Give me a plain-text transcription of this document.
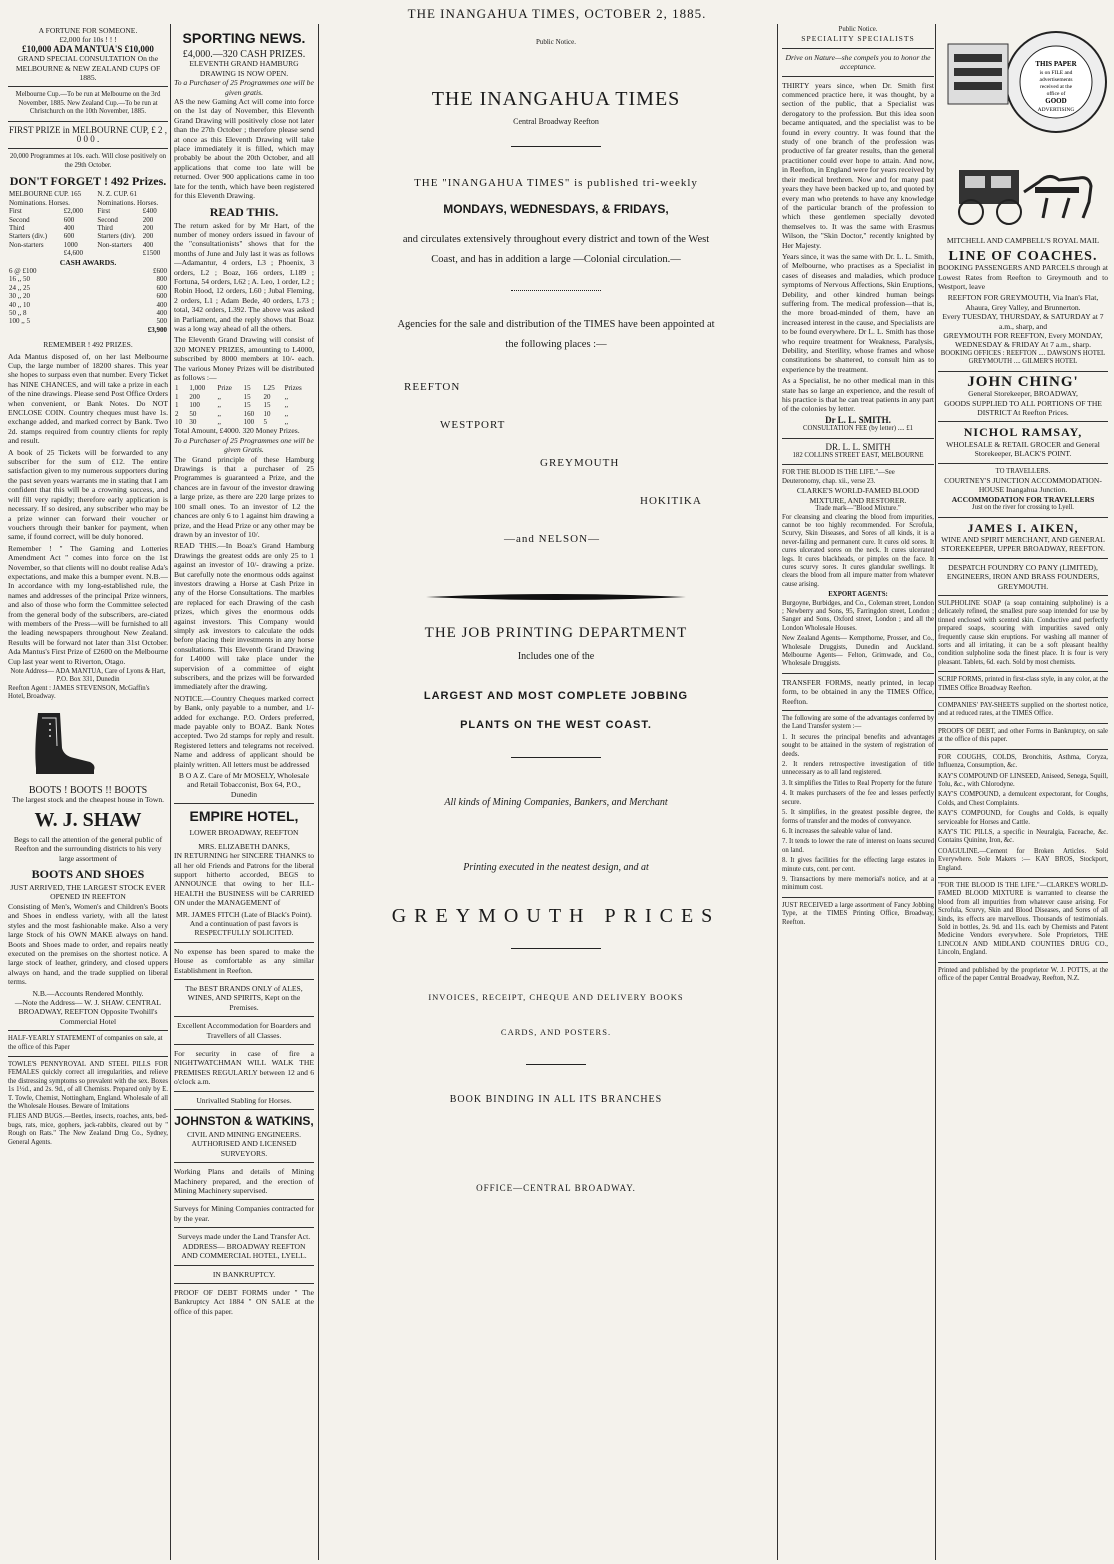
THE INANGAHUA TIMES, OCTOBER 2, 1885.
A FORTUNE FOR SOMEONE.
£2,000 for 10s ! ! !
£10,000 ADA MANTUA'S £10,000
GRAND SPECIAL CONSULTATION On the MELBOURNE & NEW ZEALAND CUPS OF 1885.
Melbourne Cup.—To be run at Melbourne on the 3rd November, 1885. New Zealand Cup.—To be run at Christchurch on the 10th November, 1885.
FIRST PRIZE in MELBOURNE CUP, £ 2 , 0 0 0 .
20,000 Programmes at 10s. each. Will close positively on the 29th October.
DON'T FORGET ! 492 Prizes.
MELBOURNE CUP. 165 Nominations. Horses.		N. Z. CUP. 61 Nominations. Horses.	
First	£2,000	First	£400
Second	600	Second	200
Third	400	Third	200
Starters (div.)	600	Starters (div).	200
Non-starters	1000	Non-starters	400
	£4,600		£1500
CASH AWARDS.
6 @ £100	£600
16 ,, 50	800
24 ,, 25	600
30 ,, 20	600
40 ,, 10	400
50 ,, 8	400
100 ,, 5	500
	£3,900
REMEMBER ! 492 PRIZES.

Ada Mantus disposed of, on her last Melbourne Cup, the large number of 18200 shares. This year she hopes to surpass even that number. Every Ticket has NINE CHANCES, and will take a prize in each of the nine drawings. Please send Post Office Orders when convenient, or Bank Notes. Do NOT ENCLOSE COIN. Country cheques must have 1s. exchange added, and marked correct by Bank. Two 2d. stamps required from country clients for reply and result.

A book of 25 Tickets will be forwarded to any subscriber for the sum of £12. The entire satisfaction given to my numerous supporters during the past seven years warrants me in stating that I am confident that this will be a crowning success, and will fill very rapidly; therefore early application is necessary. If so desired, any subscriber who may be a prize winner can forward their voucher or vouchers through their banker for payment, when same, if found correct, will be duly honored.

Remember ! " The Gaming and Lotteries Amendment Act " comes into force on the 1st November, so that clients will no doubt realise Ada's expectations, and make this a bumper event. N.B.—In accordance with my long-established rule, the names and addresses of the principal Prize winners, and also of those who form the Committee selected from the general body of the subscribers, are-ciated with members of the Press—will be furnished to all the leading newspapers throughout New Zealand. Results will be forward not later than 31st October. Ada Mantus's First Prize of £2600 on the Melbourne Cup last year went to Riverton, Otago.

Note Address— ADA MANTUA, Care of Lyons & Hart, P.O. Box 331, Dunedin
Reefton Agent : JAMES STEVENSON, McGaffin's Hotel, Broadway.
BOOTS ! BOOTS !! BOOTS
The largest stock and the cheapest house in Town.
W. J. SHAW
Begs to call the attention of the general public of Reefton and the surrounding districts to his very large assortment of
BOOTS AND SHOES
JUST ARRIVED, THE LARGEST STOCK EVER OPENED IN REEFTON

Consisting of Men's, Women's and Children's Boots and Shoes in endless variety, with all the latest styles and the most fashionable make. Also a very large Stock of his OWN MAKE always on hand. Boots and Shoes made to order, and repairs neatly executed on the premises on the shortest notice. A large stock of leather, grindery, and closed uppers always on hand, and the trade supplied on liberal terms.

N.B.—Accounts Rendered Monthly.
—Note the Address— W. J. SHAW. CENTRAL BROADWAY, REEFTON Opposite Twohill's Commercial Hotel
HALF-YEARLY STATEMENT of companies on sale, at the office of this Paper

TOWLE'S PENNYROYAL AND STEEL PILLS FOR FEMALES quickly correct all irregularities, and relieve the distressing symptoms so prevalent with the sex. Boxes 1s 1½d., and 2s. 9d., of all Chemists. Prepared only by E. T. Towle, Chemist, Nottingham, England. Wholesale of all the Wholesale Houses. Beware of Imitations

FLIES AND BUGS.—Beetles, insects, roaches, ants, bed-bugs, rats, mice, gophers, jack-rabbits, cleared out by " Rough on Rats." The New Zealand Drug Co., Sydney, General Agents.

SPORTING NEWS.
£4,000.—320 CASH PRIZES.
ELEVENTH GRAND HAMBURG DRAWING IS NOW OPEN.
To a Purchaser of 25 Programmes one will be given gratis.

AS the new Gaming Act will come into force on the 1st day of November, this Eleventh Grand Drawing will positively close not later than the 27th October ; therefore please send at once as this Eleventh Drawing will take place immediately it is filled, which may probably be about the 20th October, and all applications that come too late will be returned. Over 900 applications came in too late for the tenth, which have been registered for this Eleventh Drawing.

READ THIS.

The return asked for by Mr Hart, of the number of money orders issued in favour of the "consultationists" shows that for the months of June and July last it was as follows—Adamantur, 4 orders, L3 ; Phoenix, 3 orders, L2 ; Boaz, 166 orders, L189 ; Fortuna, 54 orders, L62 ; A. Leo, 1 order, L2 ; Robin Hood, 12 orders, L60 ; Jubal Fleming, 2 orders, L1 ; Adam Bede, 40 orders, L73 ; total, 342 orders, L392. The above was asked in Parliament, and the reply shows that Boaz was a long way ahead of all the others.

The Eleventh Grand Drawing will consist of 320 MONEY PRIZES, amounting to L4000, subscribed by 8000 members at 10/- each. The various Money Prizes will be distributed as follows :—

1	1,000	Prize	15	L25	Prizes
1	200	,,	15	20	,,
1	100	,,	15	15	,,
2	50	,,	160	10	,,
10	30	,,	100	5	,,
Total Amount, £4000. 320 Money Prizes.
To a Purchaser of 25 Programmes one will be given Gratis.

The Grand principle of these Hamburg Drawings is that a purchaser of 25 Programmes is guaranteed a Prize, and the chances are in favour of the investor drawing a large prize, as there are 220 large prizes to 100 small ones. To an investor of L2 the chances are only 6 to 1 against him drawing a prize, and the Head Prize or any other may be drawn by an investor of 10/.

READ THIS.—In Boaz's Grand Hamburg Drawings the greatest odds are only 25 to 1 against an investor of 10/- drawing a prize. But carefully note the enormous odds against investors drawing a Horse at Cash Prize in any of the Horse Consultations. The marbles are replaced for each Drawing of the cash prizes, which gives the enormous odds against investors. This Company would simply ask investors to calculate the odds before placing their investments in any horse consultations. This Eleventh Grand Drawing for L4000 will take place under the supervision of a committee of eight subscribers, and the prizes will be forwarded immediately after the drawing.

NOTICE.—Country Cheques marked correct by Bank, only payable to a number, and 1/- added for exchange. P.O. Orders preferred, made payable only to BOAZ. Bank Notes accepted. Two 2d stamps for reply and result. Registered letters and telegrams not received. Name and address of applicant should be plainly written. All letters must be addressed

B O A Z. Care of Mr MOSELY, Wholesale and Retail Tobacconist, Box 64, P.O., Dunedin
EMPIRE HOTEL,
LOWER BROADWAY, REEFTON
MRS. ELIZABETH DANKS,

IN RETURNING her SINCERE THANKS to all her old Friends and Patrons for the liberal support hitherto accorded, BEGS to ANNOUNCE that owing to her ILL-HEALTH the BUSINESS will be CARRIED ON under the MANAGEMENT of

MR. JAMES FITCH (Late of Black's Point).
And a continuation of past favors is RESPECTFULLY SOLICITED.

No expense has been spared to make the House as comfortable as any similar Establishment in Reefton.

The BEST BRANDS ONLY of ALES, WINES, AND SPIRITS, Kept on the Premises.
Excellent Accommodation for Boarders and Travellers of all Classes.

For security in case of fire a NIGHTWATCHMAN WILL WALK THE PREMISES REGULARLY between 12 and 6 o'clock a.m.

Unrivalled Stabling for Horses.
JOHNSTON & WATKINS,
CIVIL AND MINING ENGINEERS.
AUTHORISED AND LICENSED SURVEYORS.

Working Plans and details of Mining Machinery prepared, and the erection of Mining Machinery supervised.

Surveys for Mining Companies contracted for by the year.

Surveys made under the Land Transfer Act.
ADDRESS— BROADWAY REEFTON AND COMMERCIAL HOTEL, LYELL.
IN BANKRUPTCY.

PROOF OF DEBT FORMS under " The Bankruptcy Act 1884 " ON SALE at the office of this paper.

Public Notice.
THE INANGAHUA TIMES
Central Broadway Reefton
THE "INANGAHUA TIMES" is published tri-weekly
MONDAYS, WEDNESDAYS, & FRIDAYS,
and circulates extensively throughout every district and town of the West Coast, and has in addition a large —Colonial circulation.—
Agencies for the sale and distribution of the TIMES have been appointed at the following places :—
REEFTON
WESTPORT
GREYMOUTH
HOKITIKA
—and NELSON—
THE JOB PRINTING DEPARTMENT
Includes one of the
LARGEST AND MOST COMPLETE JOBBING
PLANTS ON THE WEST COAST.
All kinds of Mining Companies, Bankers, and Merchant
Printing executed in the neatest design, and at
GREYMOUTH PRICES
INVOICES, RECEIPT, CHEQUE AND DELIVERY BOOKS
CARDS, AND POSTERS.
BOOK BINDING IN ALL ITS BRANCHES
OFFICE—CENTRAL BROADWAY.
Public Notice.
SPECIALITY SPECIALISTS
Drive on Nature—she compels you to honor the acceptance.

THIRTY years since, when Dr. Smith first commenced practice here, it was thought, by a section of the public, that a Specialist was derogatory to the profession. But this idea soon became antiquated, and the specialist was to be found in every country. It was found that the study of one branch of the profession was productive of far greater results, than the general practitioner could ever hope to attain. And now, in Reefton, in England were for years received by their medical brethren. Now and for many past years they have been backed up to, and quoted by every man who pretends to have any knowledge of the particular branch of the profession to which these gentlemen specially devoted themselves to. It was the same with Erasmus Wilson, the "Skin Doctor," recently knighted by Her Majesty.

Years since, it was the same with Dr. L. L. Smith, of Melbourne, who practises as a Specialist in cases of diseases and maladies, which produce symptoms of Nervous Affections, Skin Eruptions, Debility, and other kindred human beings suffering from. The medical profession—that is, the more broad-minded of them, have an increased interest in the cause, and Specialists are to be found everywhere. Dr L. L. Smith has those who require treatment for Weakness, Paralysis, Debility, and Sterility, whose frames and whose constitutions be shattered, to consult him as to experience by the treatment.

As a Specialist, he no other medical man in this state has so large an experience, and the result of his practice is that he can treat patients in any part of the colonies by letter.

Dr L. L. SMITH.
CONSULTATION FEE (by letter) .... £1
DR. L. L. SMITH
182 COLLINS STREET EAST, MELBOURNE
FOR THE BLOOD IS THE LIFE."—See Deuteronomy, chap. xii., verse 23.
CLARKE'S WORLD-FAMED BLOOD MIXTURE, AND RESTORER.
Trade mark—"Blood Mixture."

For cleansing and clearing the blood from impurities, cannot be too highly recommended. For Scrofula, Scurvy, Skin Diseases, and Sores of all kinds, it is a never-failing and permanent cure. It cures old sores. It cures ulcerated sores on the neck. It cures ulcerated legs. It cures blackheads, or pimples on the face. It cures scurvy sores. It cures glandular swellings. It clears the blood from all impure matter from whatever cause arising.

EXPORT AGENTS:

Burgoyne, Burbidges, and Co., Coleman street, London ; Newberry and Sons, 95, Farringdon street, London ; Sanger and Sons, Oxford street, London ; and all the London Wholesale Houses.

New Zealand Agents— Kempthorne, Prosser, and Co., Wholesale Druggists, Dunedin and Auckland. Melbourne Agents— Felton, Grimwade, and Co., Wholesale Druggists.

TRANSFER FORMS, neatly printed, in lecap form, to be obtained in any the TIMES Office, Reefton.

The following are some of the advantages conferred by the Land Transfer system :—

1. It secures the principal benefits and advantages sought to be attained in the system of registration of deeds.

2. It renders retrospective investigation of title unnecessary as to all land registered.

3. It simplifies the Titles to Real Property for the future

4. It makes purchasers of the fee and lesses perfectly secure.

5. It simplifies, in the greatest possible degree, the forms of transfer and the modes of conveyance.

6. It increases the saleable value of land.

7. It tends to lower the rate of interest on loans secured on land.

8. It gives facilities for the effecting large estates in minute cuts, cent. per cent.

9. Transactions by mere memorial's notice, and at a minimum cost.

JUST RECEIVED a large assortment of Fancy Jobbing Type, at the TIMES Printing Office, Broadway, Reefton.

THIS PAPER
is on FILE and
advertisements
received at the
office of
GOOD
ADVERTISING
MITCHELL AND CAMPBELL'S ROYAL MAIL
LINE OF COACHES.

BOOKING PASSENGERS AND PARCELS through at Lowest Rates from Reefton to Greymouth and to Westport, leave

REEFTON FOR GREYMOUTH, Via Inan's Flat, Ahaura, Grey Valley, and Brunnerton.
Every TUESDAY, THURSDAY, & SATURDAY at 7 a.m., sharp, and
GREYMOUTH FOR REEFTON, Every MONDAY, WEDNESDAY & FRIDAY At 7 a.m., sharp.
BOOKING OFFICES : REEFTON .... DAWSON'S HOTEL GREYMOUTH .... GILMER'S HOTEL
JOHN CHING'
General Storekeeper, BROADWAY,
GOODS SUPPLIED TO ALL PORTIONS OF THE DISTRICT At Reefton Prices.
NICHOL RAMSAY,
WHOLESALE & RETAIL GROCER and General Storekeeper, BLACK'S POINT.
TO TRAVELLERS.
COURTNEY'S JUNCTION ACCOMMODATION-HOUSE Inangahua Junction.
ACCOMMODATION FOR TRAVELLERS
Just on the river for crossing to Lyell.
JAMES I. AIKEN,
WINE AND SPIRIT MERCHANT, AND GENERAL STOREKEEPER, UPPER BROADWAY, REEFTON.
DESPATCH FOUNDRY CO PANY (LIMITED), ENGINEERS, IRON AND BRASS FOUNDERS, GREYMOUTH.

SULPHOLINE SOAP (a soap containing sulpholine) is a delicately refined, the smallest pure soap intended for use by tinned enclosed with scented skin. Conductive and perfectly prepared soaps, scouring with impurities saved only frequently cause skin eruptions. For washing all manner of sorts and all irritating, it can be a soft pleasant healthy condition sulpholine soda the finest place. It is four is very pleasant. Tablets, 6d. each. Sold by most chemists.

SCRIP FORMS, printed in first-class style, in any color, at the TIMES Office Broadway Reefton.

COMPANIES' PAY-SHEETS supplied on the shortest notice, and at reduced rates, at the TIMES Office.

PROOFS OF DEBT, and other Forms in Bankruptcy, on sale at the office of this paper.

FOR COUGHS, COLDS, Bronchitis, Asthma, Coryza, Influenza, Consumption, &c.

KAY'S COMPOUND OF LINSEED, Aniseed, Senega, Squill, Tolu, &c., with Chlorodyne.

KAY'S COMPOUND, a demulcent expectorant, for Coughs, Colds, and Chest Complaints.

KAY'S COMPOUND, for Coughs and Colds, is equally serviceable for Horses and Cattle.

KAY'S TIC PILLS, a specific in Neuralgia, Faceache, &c. Contains Quinine, Iron, &c.

COAGULINE.—Cement for Broken Articles. Sold Everywhere. Sole Makers :— KAY BROS, Stockport, England.

"FOR THE BLOOD IS THE LIFE."—CLARKE'S WORLD-FAMED BLOOD MIXTURE is warranted to cleanse the blood from all impurities from whatever cause arising. For Scrofula, Scurvy, Skin and Blood Diseases, and Sores of all kinds, its effects are marvellous. Thousands of testimonials. Sold in bottles, 2s. 9d. and 11s. each by Chemists and Patent Medicine Vendors everywhere. Sole Proprietors, THE LINCOLN AND MIDLAND COUNTIES DRUG CO., Lincoln, England.

Printed and published by the proprietor W. J. POTTS, at the office of the paper Central Broadway, Reefton, N.Z.
